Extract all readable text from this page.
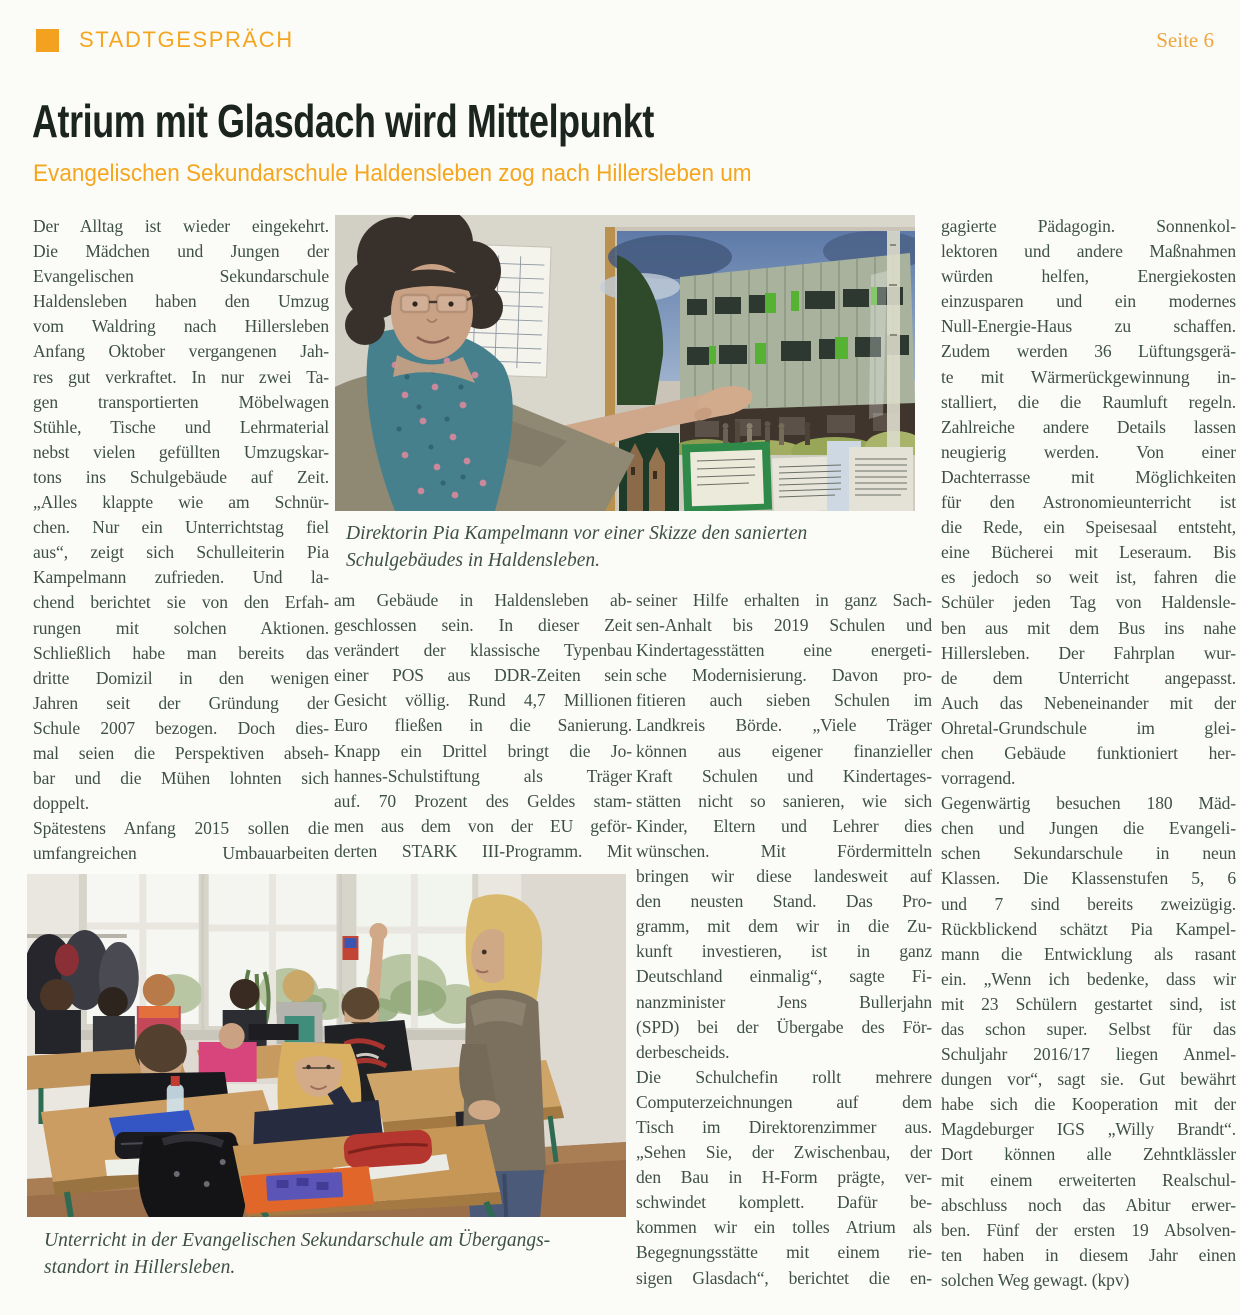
STADTGESPRÄCH	Seite 6
Atrium mit Glasdach wird Mittelpunkt
Evangelischen Sekundarschule Haldensleben zog nach Hillersleben um
Der Alltag ist wieder eingekehrt.
Die Mädchen und Jungen der
Evangelischen Sekundarschule
Haldensleben haben den Umzug
vom Waldring nach Hillersleben
Anfang Oktober vergangenen Jah-
res gut verkraftet. In nur zwei Ta-
gen transportierten Möbelwagen
Stühle, Tische und Lehrmaterial
nebst vielen gefüllten Umzugskar-
tons ins Schulgebäude auf Zeit.
„Alles klappte wie am Schnür-
chen. Nur ein Unterrichtstag fiel
aus“, zeigt sich Schulleiterin Pia
Kampelmann zufrieden. Und la-
chend berichtet sie von den Erfah-
rungen mit solchen Aktionen.
Schließlich habe man bereits das
dritte Domizil in den wenigen
Jahren seit der Gründung der
Schule 2007 bezogen. Doch dies-
mal seien die Perspektiven abseh-
bar und die Mühen lohnten sich
doppelt.
Spätestens Anfang 2015 sollen die
umfangreichen Umbauarbeiten
am Gebäude in Haldensleben ab-
geschlossen sein. In dieser Zeit
verändert der klassische Typenbau
einer POS aus DDR-Zeiten sein
Gesicht völlig. Rund 4,7 Millionen
Euro fließen in die Sanierung.
Knapp ein Drittel bringt die Jo-
hannes-Schulstiftung als Träger
auf. 70 Prozent des Geldes stam-
men aus dem von der EU geför-
derten STARK III-Programm. Mit
seiner Hilfe erhalten in ganz Sach-
sen-Anhalt bis 2019 Schulen und
Kindertagesstätten eine energeti-
sche Modernisierung. Davon pro-
fitieren auch sieben Schulen im
Landkreis Börde. „Viele Träger
können aus eigener finanzieller
Kraft Schulen und Kindertages-
stätten nicht so sanieren, wie sich
Kinder, Eltern und Lehrer dies
wünschen. Mit Fördermitteln
bringen wir diese landesweit auf
den neusten Stand. Das Pro-
gramm, mit dem wir in die Zu-
kunft investieren, ist in ganz
Deutschland einmalig“, sagte Fi-
nanzminister Jens Bullerjahn
(SPD) bei der Übergabe des För-
derbescheids.
Die Schulchefin rollt mehrere
Computerzeichnungen auf dem
Tisch im Direktorenzimmer aus.
„Sehen Sie, der Zwischenbau, der
den Bau in H-Form prägte, ver-
schwindet komplett. Dafür be-
kommen wir ein tolles Atrium als
Begegnungsstätte mit einem rie-
sigen Glasdach“, berichtet die en-
gagierte Pädagogin. Sonnenkol-
lektoren und andere Maßnahmen
würden helfen, Energiekosten
einzusparen und ein modernes
Null-Energie-Haus zu schaffen.
Zudem werden 36 Lüftungsgerä-
te mit Wärmerückgewinnung in-
stalliert, die die Raumluft regeln.
Zahlreiche andere Details lassen
neugierig werden. Von einer
Dachterrasse mit Möglichkeiten
für den Astronomieunterricht ist
die Rede, ein Speisesaal entsteht,
eine Bücherei mit Leseraum. Bis
es jedoch so weit ist, fahren die
Schüler jeden Tag von Haldensle-
ben aus mit dem Bus ins nahe
Hillersleben. Der Fahrplan wur-
de dem Unterricht angepasst.
Auch das Nebeneinander mit der
Ohretal-Grundschule im glei-
chen Gebäude funktioniert her-
vorragend.
Gegenwärtig besuchen 180 Mäd-
chen und Jungen die Evangeli-
schen Sekundarschule in neun
Klassen. Die Klassenstufen 5, 6
und 7 sind bereits zweizügig.
Rückblickend schätzt Pia Kampel-
mann die Entwicklung als rasant
ein. „Wenn ich bedenke, dass wir
mit 23 Schülern gestartet sind, ist
das schon super. Selbst für das
Schuljahr 2016/17 liegen Anmel-
dungen vor“, sagt sie. Gut bewährt
habe sich die Kooperation mit der
Magdeburger IGS „Willy Brandt“.
Dort können alle Zehntklässler
mit einem erweiterten Realschul-
abschluss noch das Abitur erwer-
ben. Fünf der ersten 19 Absolven-
ten haben in diesem Jahr einen
solchen Weg gewagt. (kpv)
Direktorin Pia Kampelmann vor einer Skizze den sanierten
Schulgebäudes in Haldensleben.
Unterricht in der Evangelischen Sekundarschule am Übergangs-
standort in Hillersleben.
